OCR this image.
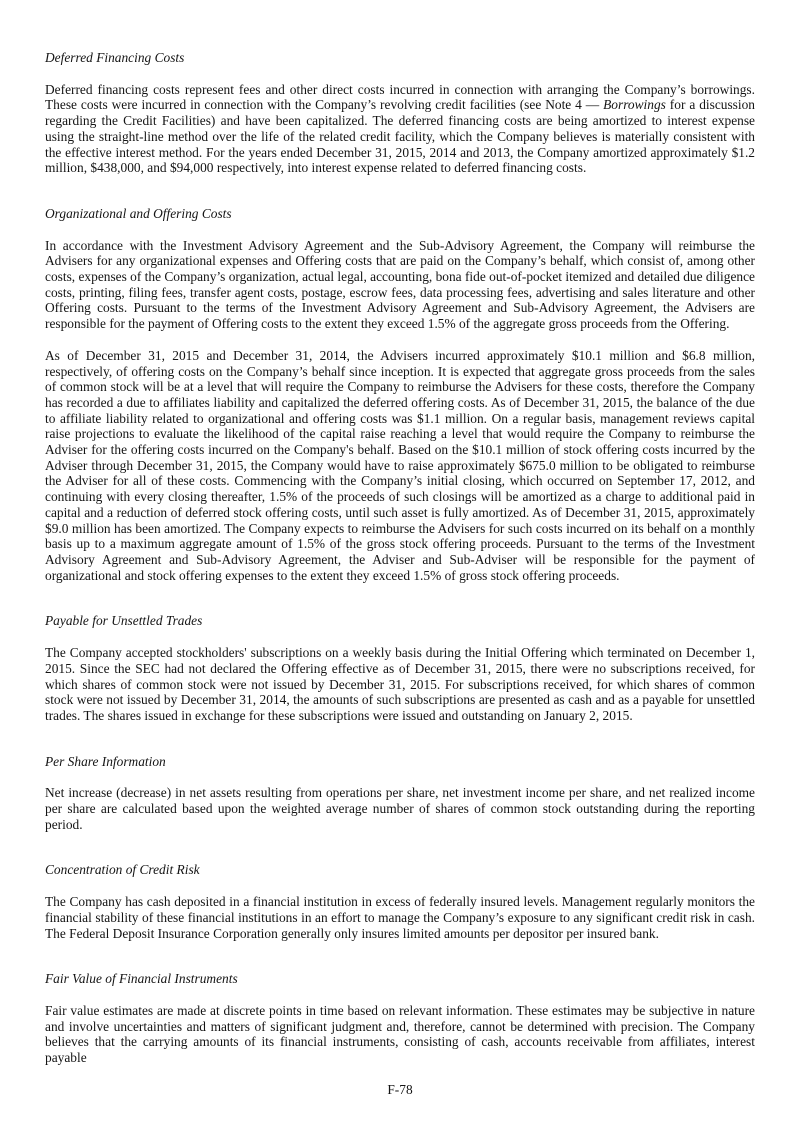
Deferred Financing Costs

Deferred financing costs represent fees and other direct costs incurred in connection with arranging the Company’s borrowings. These costs were incurred in connection with the Company’s revolving credit facilities (see Note 4 — Borrowings for a discussion regarding the Credit Facilities) and have been capitalized. The deferred financing costs are being amortized to interest expense using the straight-line method over the life of the related credit facility, which the Company believes is materially consistent with the effective interest method. For the years ended December 31, 2015, 2014 and 2013, the Company amortized approximately $1.2 million, $438,000, and $94,000 respectively, into interest expense related to deferred financing costs.

Organizational and Offering Costs

In accordance with the Investment Advisory Agreement and the Sub-Advisory Agreement, the Company will reimburse the Advisers for any organizational expenses and Offering costs that are paid on the Company’s behalf, which consist of, among other costs, expenses of the Company’s organization, actual legal, accounting, bona fide out-of-pocket itemized and detailed due diligence costs, printing, filing fees, transfer agent costs, postage, escrow fees, data processing fees, advertising and sales literature and other Offering costs. Pursuant to the terms of the Investment Advisory Agreement and Sub-Advisory Agreement, the Advisers are responsible for the payment of Offering costs to the extent they exceed 1.5% of the aggregate gross proceeds from the Offering.

As of December 31, 2015 and December 31, 2014, the Advisers incurred approximately $10.1 million and $6.8 million, respectively, of offering costs on the Company’s behalf since inception. It is expected that aggregate gross proceeds from the sales of common stock will be at a level that will require the Company to reimburse the Advisers for these costs, therefore the Company has recorded a due to affiliates liability and capitalized the deferred offering costs. As of December 31, 2015, the balance of the due to affiliate liability related to organizational and offering costs was $1.1 million. On a regular basis, management reviews capital raise projections to evaluate the likelihood of the capital raise reaching a level that would require the Company to reimburse the Adviser for the offering costs incurred on the Company's behalf. Based on the $10.1 million of stock offering costs incurred by the Adviser through December 31, 2015, the Company would have to raise approximately $675.0 million to be obligated to reimburse the Adviser for all of these costs. Commencing with the Company’s initial closing, which occurred on September 17, 2012, and continuing with every closing thereafter, 1.5% of the proceeds of such closings will be amortized as a charge to additional paid in capital and a reduction of deferred stock offering costs, until such asset is fully amortized. As of December 31, 2015, approximately $9.0 million has been amortized. The Company expects to reimburse the Advisers for such costs incurred on its behalf on a monthly basis up to a maximum aggregate amount of 1.5% of the gross stock offering proceeds. Pursuant to the terms of the Investment Advisory Agreement and Sub-Advisory Agreement, the Adviser and Sub-Adviser will be responsible for the payment of organizational and stock offering expenses to the extent they exceed 1.5% of gross stock offering proceeds.

Payable for Unsettled Trades

The Company accepted stockholders' subscriptions on a weekly basis during the Initial Offering which terminated on December 1, 2015. Since the SEC had not declared the Offering effective as of December 31, 2015, there were no subscriptions received, for which shares of common stock were not issued by December 31, 2015. For subscriptions received, for which shares of common stock were not issued by December 31, 2014, the amounts of such subscriptions are presented as cash and as a payable for unsettled trades. The shares issued in exchange for these subscriptions were issued and outstanding on January 2, 2015.

Per Share Information

Net increase (decrease) in net assets resulting from operations per share, net investment income per share, and net realized income per share are calculated based upon the weighted average number of shares of common stock outstanding during the reporting period.

Concentration of Credit Risk

The Company has cash deposited in a financial institution in excess of federally insured levels. Management regularly monitors the financial stability of these financial institutions in an effort to manage the Company’s exposure to any significant credit risk in cash. The Federal Deposit Insurance Corporation generally only insures limited amounts per depositor per insured bank.

Fair Value of Financial Instruments

Fair value estimates are made at discrete points in time based on relevant information. These estimates may be subjective in nature and involve uncertainties and matters of significant judgment and, therefore, cannot be determined with precision. The Company believes that the carrying amounts of its financial instruments, consisting of cash, accounts receivable from affiliates, interest payable

F-78
